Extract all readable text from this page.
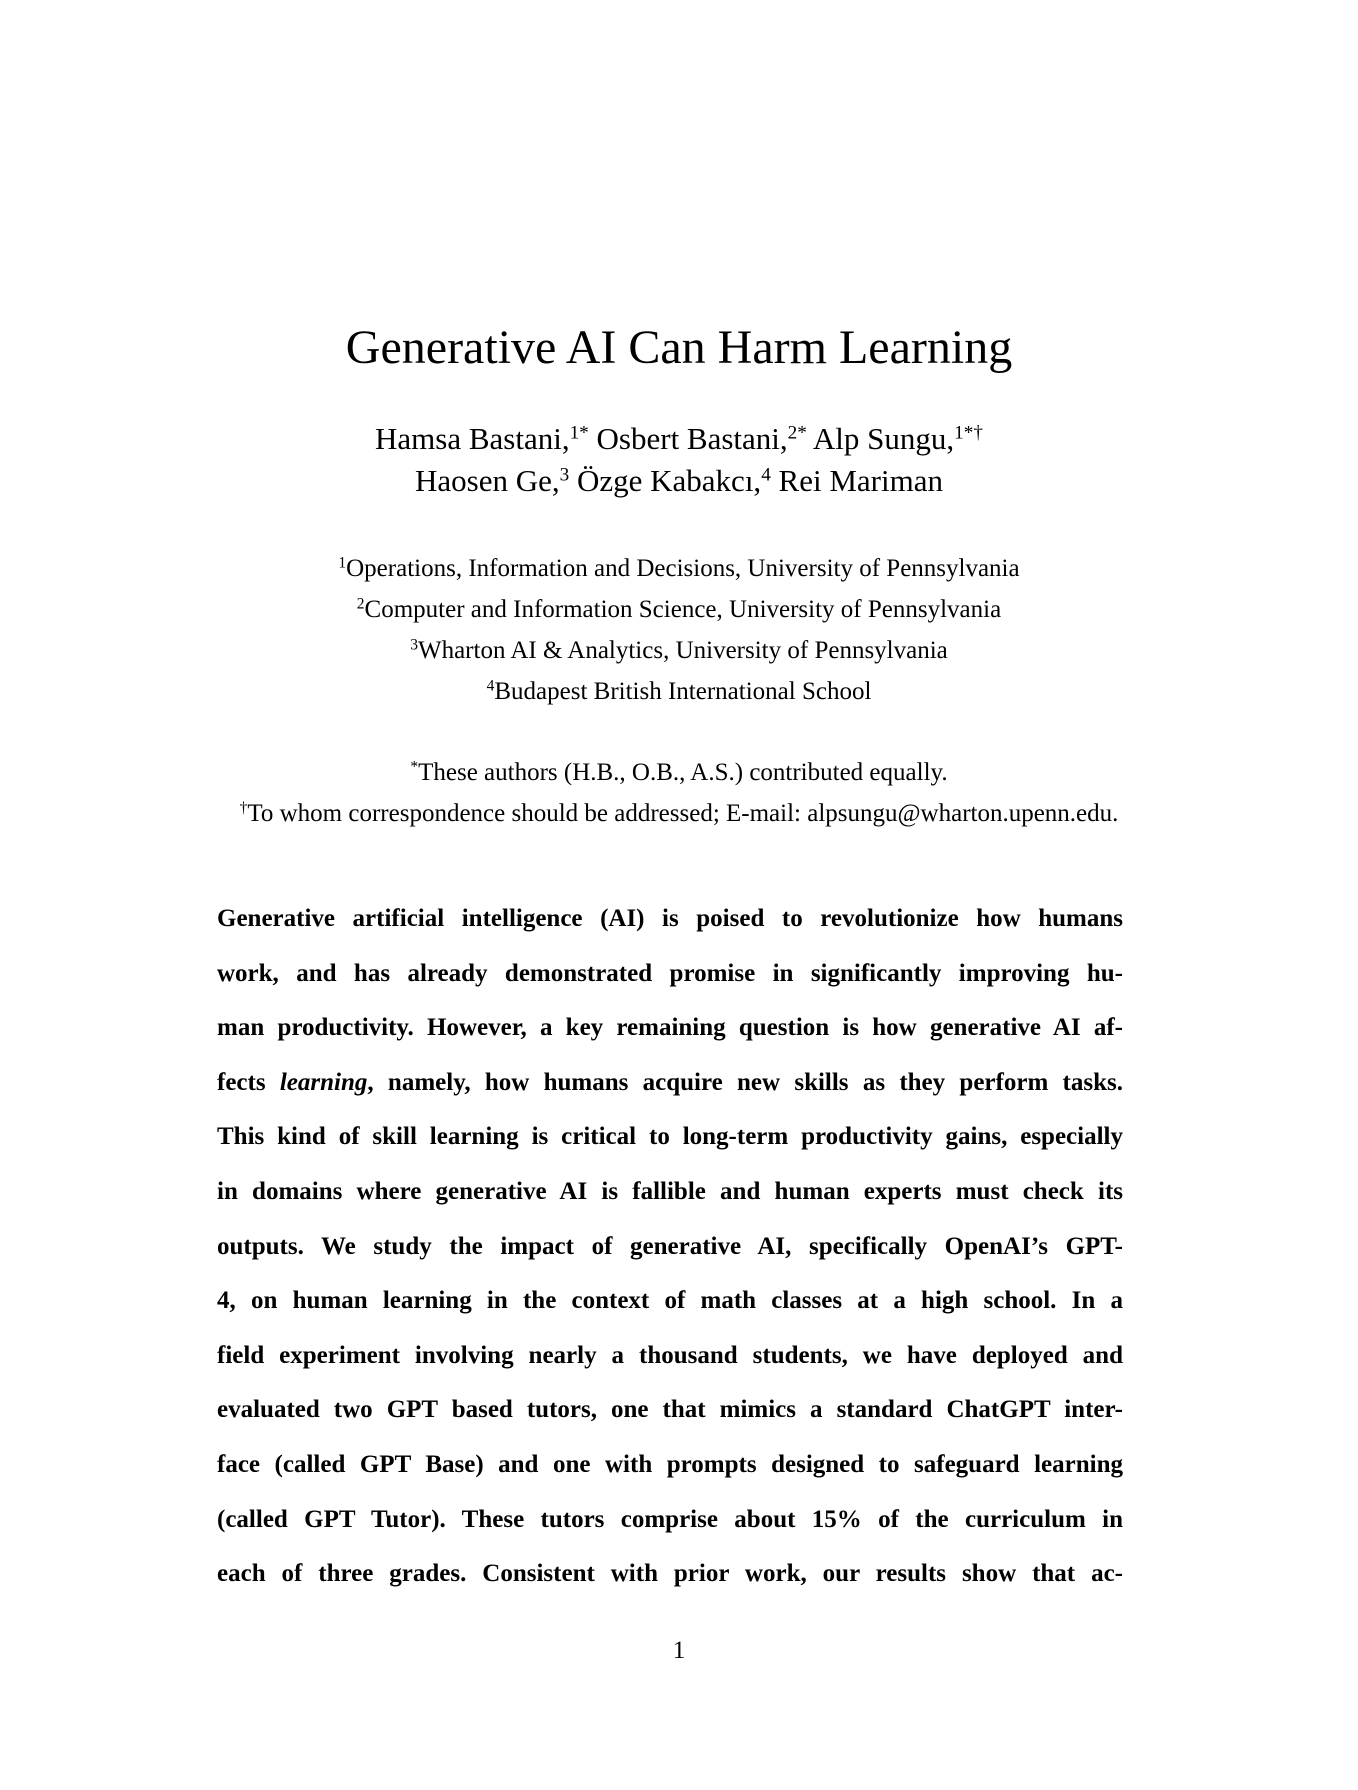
Generative AI Can Harm Learning
Hamsa Bastani,$^{1*}$ Osbert Bastani,$^{2*}$ Alp Sungu,$^{1*\dagger}$
Haosen Ge,$^3$ Özge Kabakcı,$^4$ Rei Mariman
$^1$Operations, Information and Decisions, University of Pennsylvania
$^2$Computer and Information Science, University of Pennsylvania
$^3$Wharton AI & Analytics, University of Pennsylvania
$^4$Budapest British International School
*These authors (H.B., O.B., A.S.) contributed equally.
†To whom correspondence should be addressed; E-mail: alpsungu@wharton.upenn.edu.
Generative artificial intelligence (AI) is poised to revolutionize how humans
work, and has already demonstrated promise in significantly improving hu-
man productivity. However, a key remaining question is how generative AI af-
fects learning, namely, how humans acquire new skills as they perform tasks.
This kind of skill learning is critical to long-term productivity gains, especially
in domains where generative AI is fallible and human experts must check its
outputs. We study the impact of generative AI, specifically OpenAI’s GPT-
4, on human learning in the context of math classes at a high school. In a
field experiment involving nearly a thousand students, we have deployed and
evaluated two GPT based tutors, one that mimics a standard ChatGPT inter-
face (called GPT Base) and one with prompts designed to safeguard learning
(called GPT Tutor). These tutors comprise about 15% of the curriculum in
each of three grades. Consistent with prior work, our results show that ac-
1
